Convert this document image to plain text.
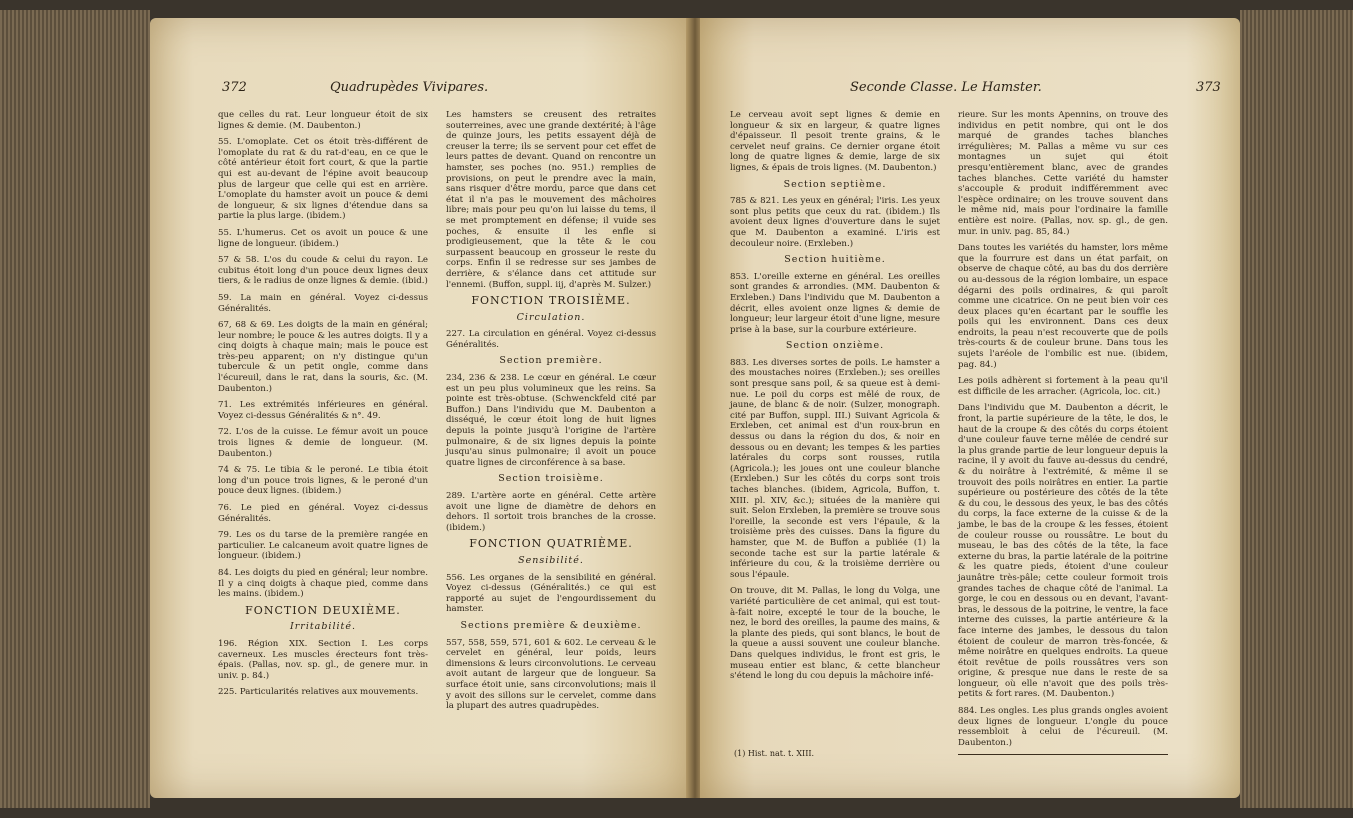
372	Quadrupèdes Vivipares.

que celles du rat. Leur longueur étoit de six lignes & demie. (M. Daubenton.)

55. L'omoplate. Cet os étoit très-différent de l'omoplate du rat & du rat-d'eau, en ce que le côté antérieur étoit fort court, & que la partie qui est au-devant de l'épine avoit beaucoup plus de largeur que celle qui est en arrière. L'omoplate du hamster avoit un pouce & demi de longueur, & six lignes d'étendue dans sa partie la plus large. (ibidem.)

55. L'humerus. Cet os avoit un pouce & une ligne de longueur. (ibidem.)

57 & 58. L'os du coude & celui du rayon. Le cubitus étoit long d'un pouce deux lignes deux tiers, & le radius de onze lignes & demie. (ibid.)

59. La main en général. Voyez ci-dessus Généralités.

67, 68 & 69. Les doigts de la main en général; leur nombre; le pouce & les autres doigts. Il y a cinq doigts à chaque main; mais le pouce est très-peu apparent; on n'y distingue qu'un tubercule & un petit ongle, comme dans l'écureuil, dans le rat, dans la souris, &c. (M. Daubenton.)

71. Les extrémités inférieures en général. Voyez ci-dessus Généralités & n°. 49.

72. L'os de la cuisse. Le fémur avoit un pouce trois lignes & demie de longueur. (M. Daubenton.)

74 & 75. Le tibia & le peroné. Le tibia étoit long d'un pouce trois lignes, & le peroné d'un pouce deux lignes. (ibidem.)

76. Le pied en général. Voyez ci-dessus Généralités.

79. Les os du tarse de la première rangée en particulier. Le calcaneum avoit quatre lignes de longueur. (ibidem.)

84. Les doigts du pied en général; leur nombre. Il y a cinq doigts à chaque pied, comme dans les mains. (ibidem.)

FONCTION DEUXIÈME.
Irritabilité.

196. Région XIX. Section I. Les corps caverneux. Les muscles érecteurs font très-épais. (Pallas, nov. sp. gl., de genere mur. in univ. p. 84.)

225. Particularités relatives aux mouvements.

Les hamsters se creusent des retraites souterreines, avec une grande dextérité; à l'âge de quinze jours, les petits essayent déjà de creuser la terre; ils se servent pour cet effet de leurs pattes de devant. Quand on rencontre un hamster, ses poches (no. 951.) remplies de provisions, on peut le prendre avec la main, sans risquer d'être mordu, parce que dans cet état il n'a pas le mouvement des mâchoires libre; mais pour peu qu'on lui laisse du tems, il se met promptement en défense; il vuide ses poches, & ensuite il les enfle si prodigieusement, que la tête & le cou surpassent beaucoup en grosseur le reste du corps. Enfin il se redresse sur ses jambes de derrière, & s'élance dans cet attitude sur l'ennemi. (Buffon, suppl. iij, d'après M. Sulzer.)

FONCTION TROISIÈME.
Circulation.

227. La circulation en général. Voyez ci-dessus Généralités.

Section première.

234, 236 & 238. Le cœur en général. Le cœur est un peu plus volumineux que les reins. Sa pointe est très-obtuse. (Schwenckfeld cité par Buffon.) Dans l'individu que M. Daubenton a disséqué, le cœur étoit long de huit lignes depuis la pointe jusqu'à l'origine de l'artère pulmonaire, & de six lignes depuis la pointe jusqu'au sinus pulmonaire; il avoit un pouce quatre lignes de circonférence à sa base.

Section troisième.

289. L'artère aorte en général. Cette artère avoit une ligne de diamètre de dehors en dehors. Il sortoit trois branches de la crosse. (ibidem.)

FONCTION QUATRIÈME.
Sensibilité.

556. Les organes de la sensibilité en général. Voyez ci-dessus (Généralités.) ce qui est rapporté au sujet de l'engourdissement du hamster.

Sections première & deuxième.

557, 558, 559, 571, 601 & 602. Le cerveau & le cervelet en général, leur poids, leurs dimensions & leurs circonvolutions. Le cerveau avoit autant de largeur que de longueur. Sa surface étoit unie, sans circonvolutions; mais il y avoit des sillons sur le cervelet, comme dans la plupart des autres quadrupèdes.

Seconde Classe. Le Hamster.	373

Le cerveau avoit sept lignes & demie en longueur & six en largeur, & quatre lignes d'épaisseur. Il pesoit trente grains, & le cervelet neuf grains. Ce dernier organe étoit long de quatre lignes & demie, large de six lignes, & épais de trois lignes. (M. Daubenton.)

Section septième.

785 & 821. Les yeux en général; l'iris. Les yeux sont plus petits que ceux du rat. (ibidem.) Ils avoient deux lignes d'ouverture dans le sujet que M. Daubenton a examiné. L'iris est decouleur noire. (Erxleben.)

Section huitième.

853. L'oreille externe en général. Les oreilles sont grandes & arrondies. (MM. Daubenton & Erxleben.) Dans l'individu que M. Daubenton a décrit, elles avoient onze lignes & demie de longueur; leur largeur étoit d'une ligne, mesure prise à la base, sur la courbure extérieure.

Section onzième.

883. Les diverses sortes de poils. Le hamster a des moustaches noires (Erxleben.); ses oreilles sont presque sans poil, & sa queue est à demi-nue. Le poil du corps est mêlé de roux, de jaune, de blanc & de noir. (Sulzer, monograph. cité par Buffon, suppl. III.) Suivant Agricola & Erxleben, cet animal est d'un roux-brun en dessus ou dans la région du dos, & noir en dessous ou en devant; les tempes & les parties latérales du corps sont rousses, rutila (Agricola.); les joues ont une couleur blanche (Erxleben.) Sur les côtés du corps sont trois taches blanches. (ibidem, Agricola, Buffon, t. XIII. pl. XIV, &c.); situées de la manière qui suit. Selon Erxleben, la première se trouve sous l'oreille, la seconde est vers l'épaule, & la troisième près des cuisses. Dans la figure du hamster, que M. de Buffon a publiée (1) la seconde tache est sur la partie latérale & inférieure du cou, & la troisième derrière ou sous l'épaule.

On trouve, dit M. Pallas, le long du Volga, une variété particulière de cet animal, qui est tout-à-fait noire, excepté le tour de la bouche, le nez, le bord des oreilles, la paume des mains, & la plante des pieds, qui sont blancs, le bout de la queue a aussi souvent une couleur blanche. Dans quelques individus, le front est gris, le museau entier est blanc, & cette blancheur s'étend le long du cou depuis la mâchoire infé-

rieure. Sur les monts Apennins, on trouve des individus en petit nombre, qui ont le dos marqué de grandes taches blanches irrégulières; M. Pallas a même vu sur ces montagnes un sujet qui étoit presqu'entièrement blanc, avec de grandes taches blanches. Cette variété du hamster s'accouple & produit indifféremment avec l'espèce ordinaire; on les trouve souvent dans le même nid, mais pour l'ordinaire la famille entière est noire. (Pallas, nov. sp. gl., de gen. mur. in univ. pag. 85, 84.)

Dans toutes les variétés du hamster, lors même que la fourrure est dans un état parfait, on observe de chaque côté, au bas du dos derrière ou au-dessous de la région lombaire, un espace dégarni des poils ordinaires, & qui paroît comme une cicatrice. On ne peut bien voir ces deux places qu'en écartant par le souffle les poils qui les environnent. Dans ces deux endroits, la peau n'est recouverte que de poils très-courts & de couleur brune. Dans tous les sujets l'aréole de l'ombilic est nue. (ibidem, pag. 84.)

Les poils adhèrent si fortement à la peau qu'il est difficile de les arracher. (Agricola, loc. cit.)

Dans l'individu que M. Daubenton a décrit, le front, la partie supérieure de la tête, le dos, le haut de la croupe & des côtés du corps étoient d'une couleur fauve terne mêlée de cendré sur la plus grande partie de leur longueur depuis la racine, il y avoit du fauve au-dessus du cendré, & du noirâtre à l'extrémité, & même il se trouvoit des poils noirâtres en entier. La partie supérieure ou postérieure des côtés de la tête & du cou, le dessous des yeux, le bas des côtés du corps, la face externe de la cuisse & de la jambe, le bas de la croupe & les fesses, étoient de couleur rousse ou roussâtre. Le bout du museau, le bas des côtés de la tête, la face externe du bras, la partie latérale de la poitrine & les quatre pieds, étoient d'une couleur jaunâtre très-pâle; cette couleur formoit trois grandes taches de chaque côté de l'animal. La gorge, le cou en dessous ou en devant, l'avant-bras, le dessous de la poitrine, le ventre, la face interne des cuisses, la partie antérieure & la face interne des jambes, le dessous du talon étoient de couleur de marron très-foncée, & même noirâtre en quelques endroits. La queue étoit revêtue de poils roussâtres vers son origine, & presque nue dans le reste de sa longueur, où elle n'avoit que des poils très-petits & fort rares. (M. Daubenton.)

884. Les ongles. Les plus grands ongles avoient deux lignes de longueur. L'ongle du pouce ressembloit à celui de l'écureuil. (M. Daubenton.)

(1) Hist. nat. t. XIII.
